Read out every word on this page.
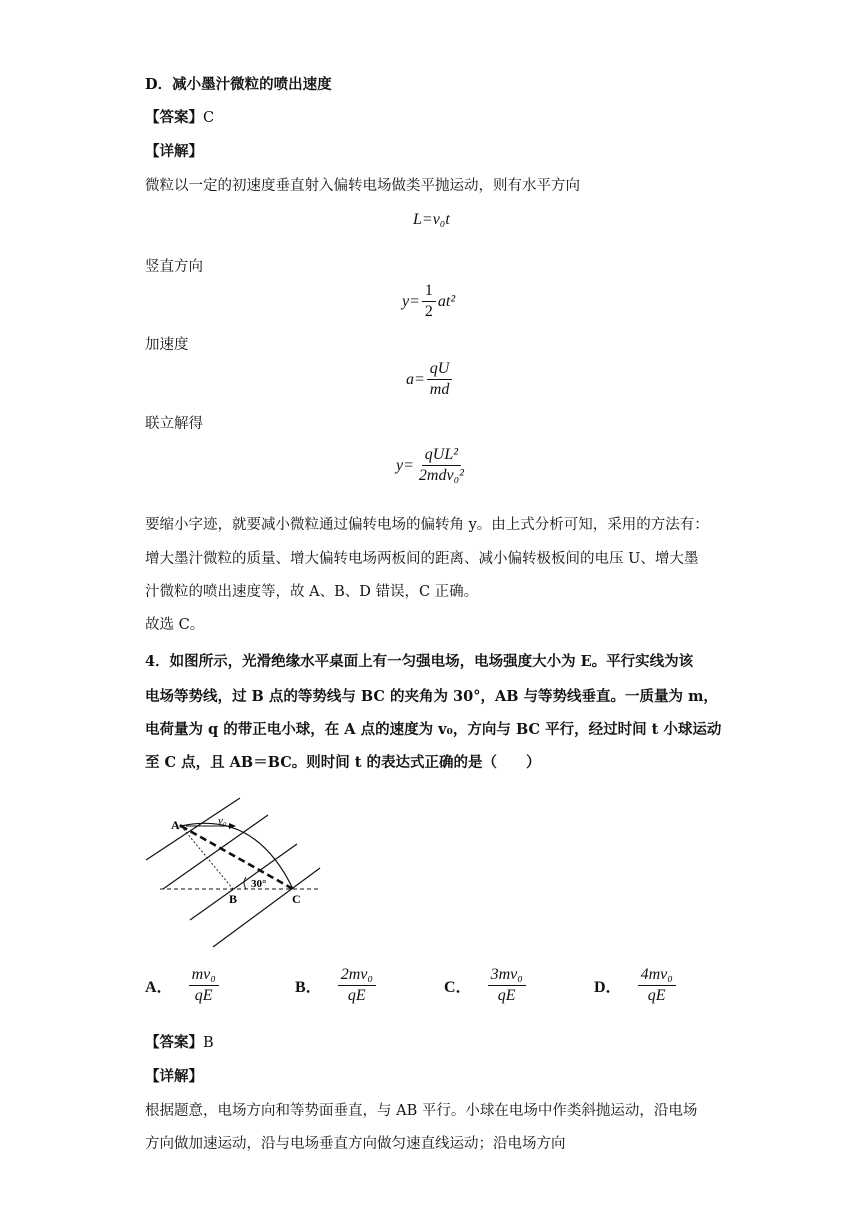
D．减小墨汁微粒的喷出速度
【答案】C
【详解】
微粒以一定的初速度垂直射入偏转电场做类平抛运动，则有水平方向
L=v₀t
竖直方向
$y= \frac{1}{2} at^2$
加速度
$a= \frac{qU}{md}$
联立解得
$y= \frac{\text{qUL²}}{\text{2mdv₀²}}$
要缩小字迹，就要减小微粒通过偏转电场的偏转角 y。由上式分析可知，采用的方法有：
增大墨汁微粒的质量、增大偏转电场两板间的距离、减小偏转极板间的电压 U、增大墨
汁微粒的喷出速度等，故 A、B、D 错误，C 正确。
故选 C。
4．如图所示，光滑绝缘水平桌面上有一匀强电场，电场强度大小为 E。平行实线为该
电场等势线，过 B 点的等势线与 BC 的夹角为 30°，AB 与等势线垂直。一质量为 m，
电荷量为 q 的带正电小球，在 A 点的速度为 v₀，方向与 BC 平行，经过时间 t 小球运动
至 C 点，且 AB＝BC。则时间 t 的表达式正确的是（　　）
A
B	C
v₀
30°
A． $\frac{\text{mv₀}}{qE}$	B． $\frac{\text{2mv₀}}{qE}$	C． $\frac{\text{3mv₀}}{qE}$	D． $\frac{\text{4mv₀}}{qE}$
【答案】B
【详解】
根据题意，电场方向和等势面垂直，与 AB 平行。小球在电场中作类斜抛运动，沿电场
方向做加速运动，沿与电场垂直方向做匀速直线运动；沿电场方向
